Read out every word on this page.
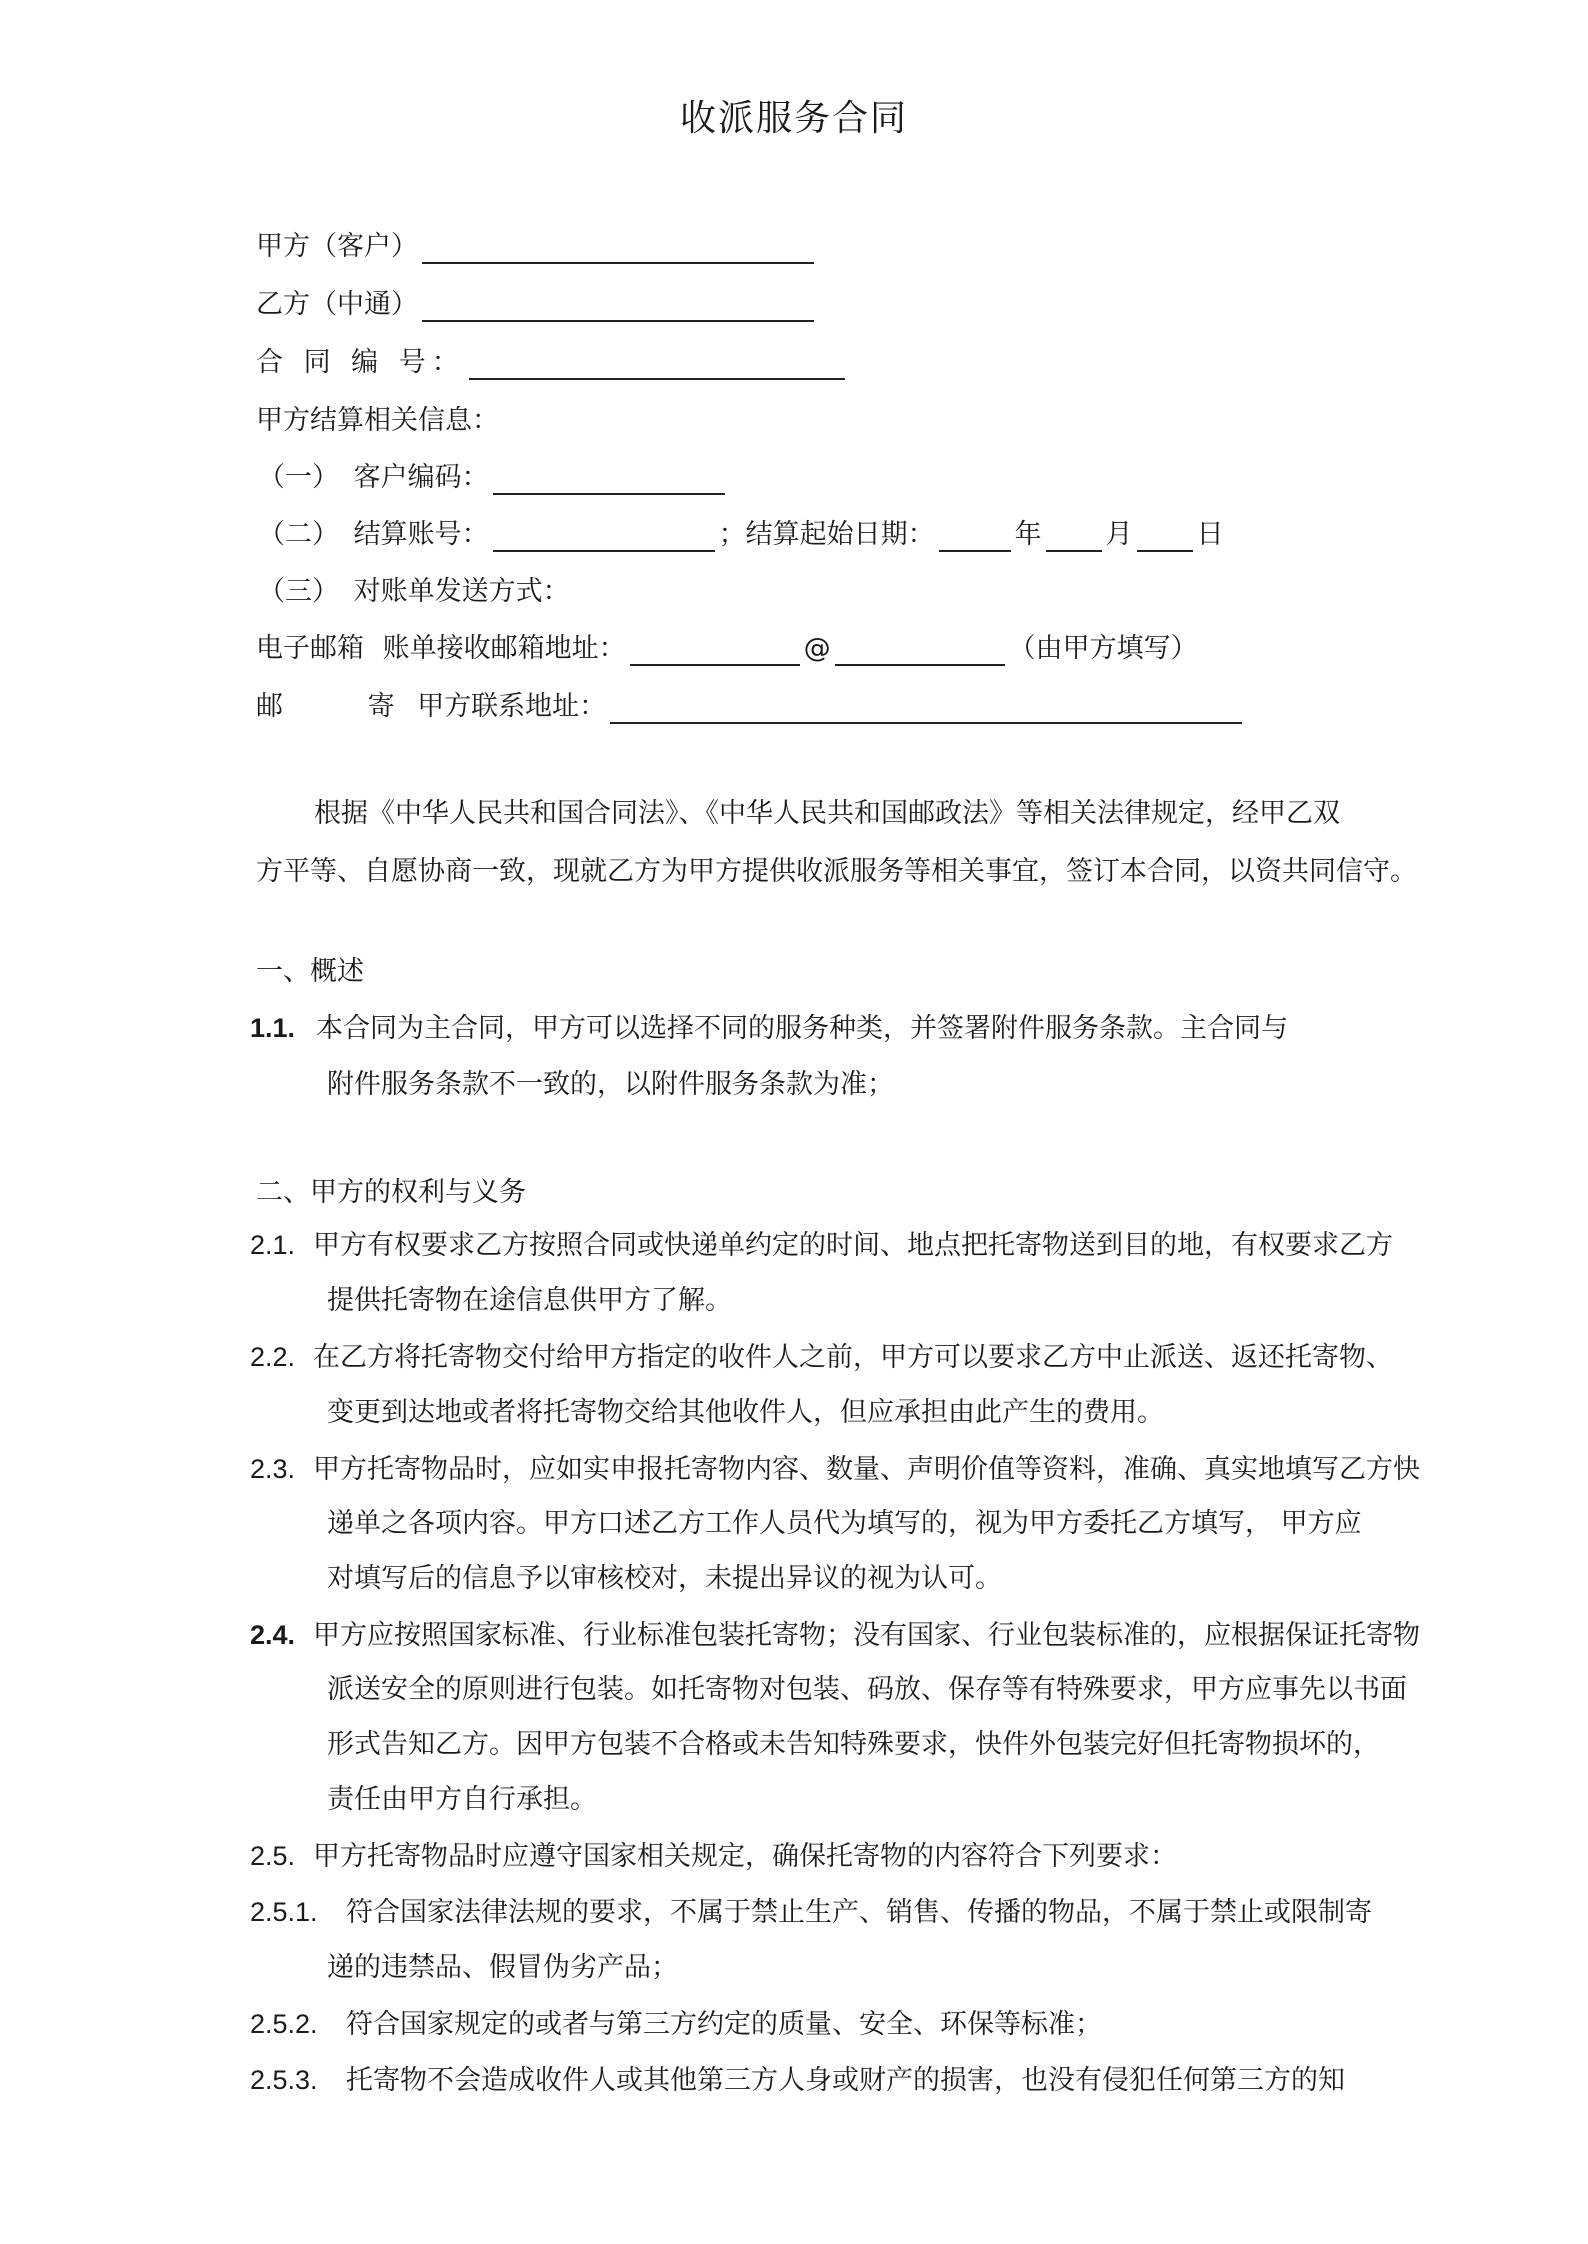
收派服务合同
甲方（客户）
乙方（中通）
合 同 编 号：
甲方结算相关信息：
（一） 客户编码：
（二） 结算账号：	；结算起始日期：	年 月 日
（三） 对账单发送方式：
电子邮箱 账单接收邮箱地址：	@	（由甲方填写）
邮	寄 甲方联系地址：
根据《中华人民共和国合同法》、《中华人民共和国邮政法》等相关法律规定，经甲乙双
方平等、自愿协商一致，现就乙方为甲方提供收派服务等相关事宜，签订本合同，以资共同信守。
一、概述
1.1. 本合同为主合同，甲方可以选择不同的服务种类，并签署附件服务条款。主合同与
附件服务条款不一致的，以附件服务条款为准；
二、甲方的权利与义务
2.1. 甲方有权要求乙方按照合同或快递单约定的时间、地点把托寄物送到目的地，有权要求乙方
提供托寄物在途信息供甲方了解。
2.2. 在乙方将托寄物交付给甲方指定的收件人之前，甲方可以要求乙方中止派送、返还托寄物、
变更到达地或者将托寄物交给其他收件人，但应承担由此产生的费用。
2.3. 甲方托寄物品时，应如实申报托寄物内容、数量、声明价值等资料，准确、真实地填写乙方快
递单之各项内容。甲方口述乙方工作人员代为填写的，视为甲方委托乙方填写， 甲方应
对填写后的信息予以审核校对，未提出异议的视为认可。
2.4. 甲方应按照国家标准、行业标准包装托寄物；没有国家、行业包装标准的，应根据保证托寄物
派送安全的原则进行包装。如托寄物对包装、码放、保存等有特殊要求，甲方应事先以书面
形式告知乙方。因甲方包装不合格或未告知特殊要求，快件外包装完好但托寄物损坏的，
责任由甲方自行承担。
2.5. 甲方托寄物品时应遵守国家相关规定，确保托寄物的内容符合下列要求：
2.5.1. 符合国家法律法规的要求，不属于禁止生产、销售、传播的物品，不属于禁止或限制寄
递的违禁品、假冒伪劣产品；
2.5.2. 符合国家规定的或者与第三方约定的质量、安全、环保等标准；
2.5.3. 托寄物不会造成收件人或其他第三方人身或财产的损害，也没有侵犯任何第三方的知
